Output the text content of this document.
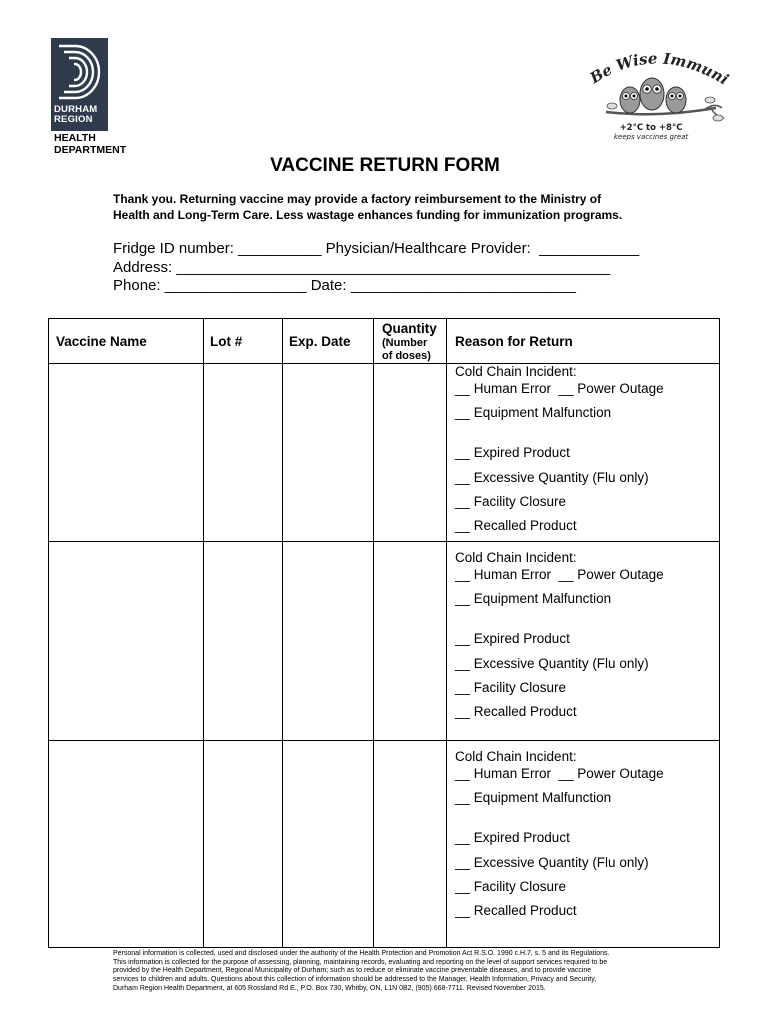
DURHAM
REGION
HEALTH
DEPARTMENT
Be Wise Immuni
+2°C to +8°C
keeps vaccines great
VACCINE RETURN FORM
Thank you. Returning vaccine may provide a factory reimbursement to the Ministry of
Health and Long-Term Care. Less wastage enhances funding for immunization programs.
Fridge ID number: __________ Physician/Healthcare Provider:  ____________
Address: ____________________________________________________
Phone: _________________ Date: ___________________________
Vaccine Name	Lot #	Exp. Date
Quantity
(Number
of doses)
Reason for Return
Cold Chain Incident:
__ Human Error  __ Power Outage
__ Equipment Malfunction
__ Expired Product
__ Excessive Quantity (Flu only)
__ Facility Closure
__ Recalled Product
Cold Chain Incident:
__ Human Error  __ Power Outage
__ Equipment Malfunction
__ Expired Product
__ Excessive Quantity (Flu only)
__ Facility Closure
__ Recalled Product
Cold Chain Incident:
__ Human Error  __ Power Outage
__ Equipment Malfunction
__ Expired Product
__ Excessive Quantity (Flu only)
__ Facility Closure
__ Recalled Product
Personal information is collected, used and disclosed under the authority of the Health Protection and Promotion Act R.S.O. 1990 c.H.7, s. 5 and its Regulations.
This information is collected for the purpose of assessing, planning, maintaining records, evaluating and reporting on the level of support services required to be
provided by the Health Department, Regional Municipality of Durham; such as to reduce or eliminate vaccine preventable diseases, and to provide vaccine
services to children and adults. Questions about this collection of information should be addressed to the Manager, Health Information, Privacy and Security,
Durham Region Health Department, at 605 Rossland Rd E., P.O. Box 730, Whitby, ON, L1N 0B2, (905) 668-7711. Revised November 2015.
